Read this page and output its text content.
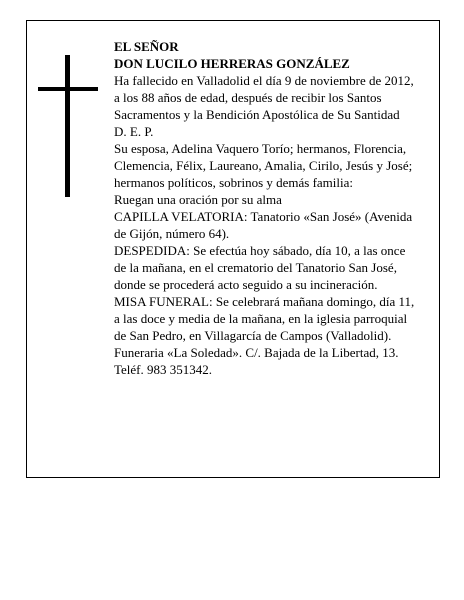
EL SEÑOR

DON LUCILO HERRERAS GONZÁLEZ

Ha fallecido en Valladolid el día 9 de noviembre de 2012, a los 88 años de edad, después de recibir los Santos Sacramentos y la Bendición Apostólica de Su Santidad

D. E. P.

Su esposa, Adelina Vaquero Torío; hermanos, Florencia, Clemencia, Félix, Laureano, Amalia, Cirilo, Jesús y José; hermanos políticos, sobrinos y demás familia:

Ruegan una oración por su alma

CAPILLA VELATORIA: Tanatorio «San José» (Avenida de Gijón, número 64).

DESPEDIDA: Se efectúa hoy sábado, día 10, a las once de la mañana, en el crematorio del Tanatorio San José, donde se procederá acto seguido a su incineración.

MISA FUNERAL: Se celebrará mañana domingo, día 11, a las doce y media de la mañana, en la iglesia parroquial de San Pedro, en Villagarcía de Campos (Valladolid).

Funeraria «La Soledad». C/. Bajada de la Libertad, 13. Teléf. 983 351342.
